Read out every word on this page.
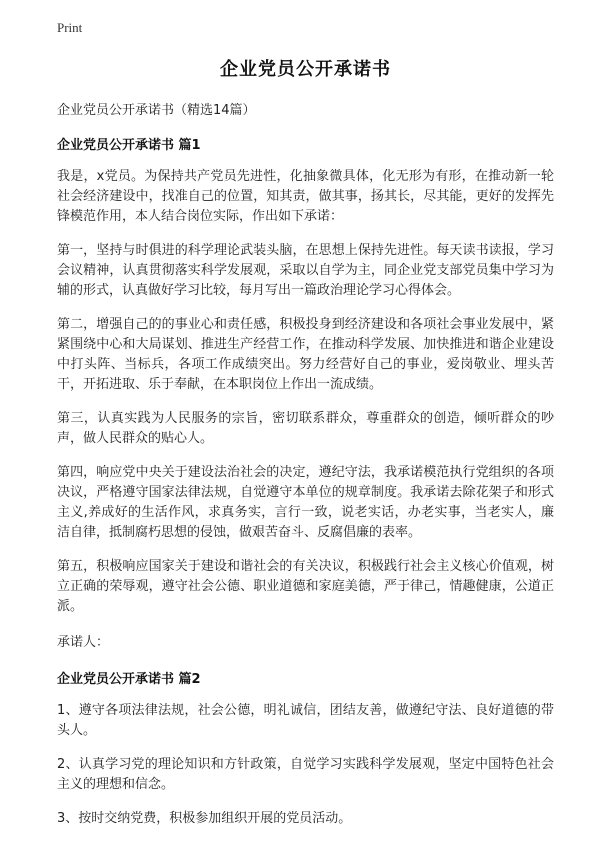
Print
企业党员公开承诺书
企业党员公开承诺书（精选14篇）
企业党员公开承诺书 篇1
我是，x党员。为保持共产党员先进性，化抽象微具体，化无形为有形，在推动新一轮社会经济建设中，找准自己的位置，知其责，做其事，扬其长，尽其能，更好的发挥先锋模范作用，本人结合岗位实际，作出如下承诺：
第一，坚持与时俱进的科学理论武装头脑，在思想上保持先进性。每天读书读报，学习会议精神，认真贯彻落实科学发展观，采取以自学为主，同企业党支部党员集中学习为辅的形式，认真做好学习比较，每月写出一篇政治理论学习心得体会。
第二，增强自己的的事业心和责任感，积极投身到经济建设和各项社会事业发展中，紧紧围绕中心和大局谋划、推进生产经营工作，在推动科学发展、加快推进和谐企业建设中打头阵、当标兵，各项工作成绩突出。努力经营好自己的事业，爱岗敬业、埋头苦干，开拓进取、乐于奉献，在本职岗位上作出一流成绩。
第三，认真实践为人民服务的宗旨，密切联系群众，尊重群众的创造，倾听群众的吵声，做人民群众的贴心人。
第四，响应党中央关于建设法治社会的决定，遵纪守法，我承诺模范执行党组织的各项决议，严格遵守国家法律法规，自觉遵守本单位的规章制度。我承诺去除花架子和形式主义,养成好的生活作风，求真务实，言行一致，说老实话，办老实事，当老实人，廉洁自律，抵制腐朽思想的侵蚀，做艰苦奋斗、反腐倡廉的表率。
第五，积极响应国家关于建设和谐社会的有关决议，积极践行社会主义核心价值观，树立正确的荣辱观，遵守社会公德、职业道德和家庭美德，严于律己，情趣健康，公道正派。
承诺人：
企业党员公开承诺书 篇2
1、遵守各项法律法规，社会公德，明礼诚信，团结友善，做遵纪守法、良好道德的带头人。
2、认真学习党的理论知识和方针政策，自觉学习实践科学发展观，坚定中国特色社会主义的理想和信念。
3、按时交纳党费，积极参加组织开展的党员活动。
